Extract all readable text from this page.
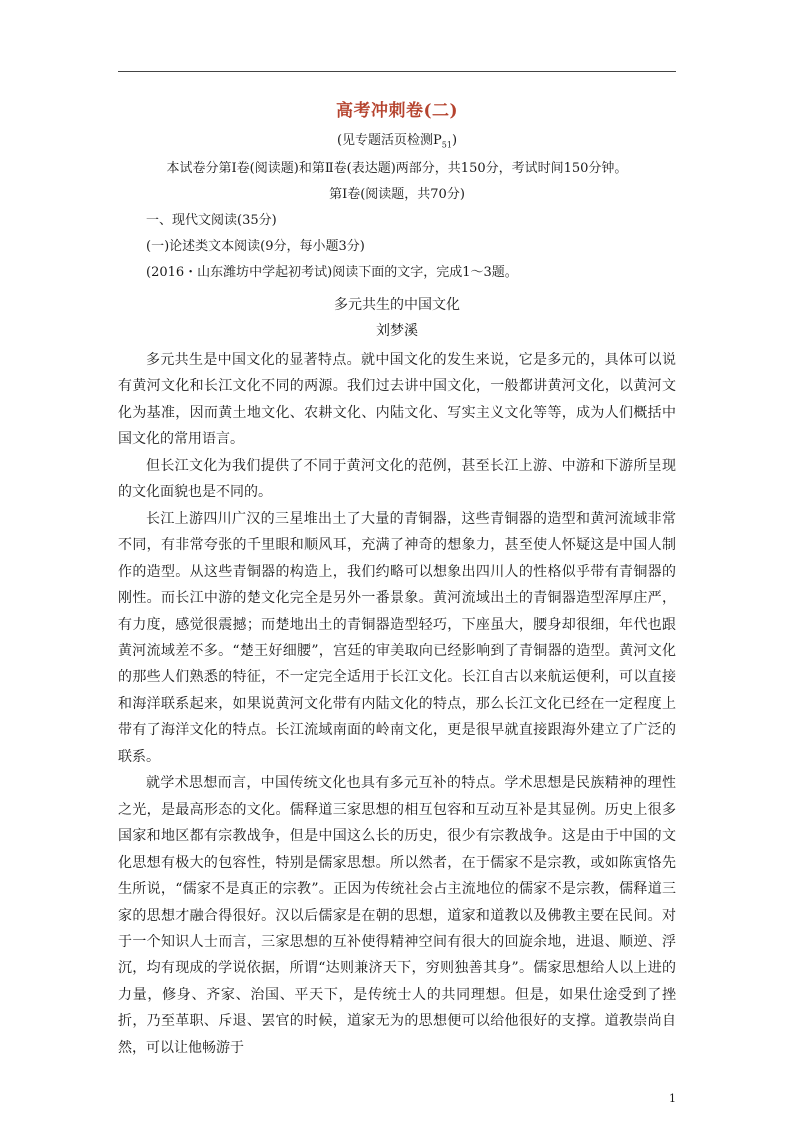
高考冲刺卷(二)
(见专题活页检测$P_{51}$)
本试卷分第Ⅰ卷(阅读题)和第Ⅱ卷(表达题)两部分，共150分，考试时间150分钟。
第Ⅰ卷(阅读题，共70分)
一、现代文阅读(35分)
(一)论述类文本阅读(9分，每小题3分)
(2016・山东潍坊中学起初考试)阅读下面的文字，完成1～3题。
多元共生的中国文化
刘梦溪

多元共生是中国文化的显著特点。就中国文化的发生来说，它是多元的，具体可以说有黄河文化和长江文化不同的两源。我们过去讲中国文化，一般都讲黄河文化，以黄河文化为基准，因而黄土地文化、农耕文化、内陆文化、写实主义文化等等，成为人们概括中国文化的常用语言。

但长江文化为我们提供了不同于黄河文化的范例，甚至长江上游、中游和下游所呈现的文化面貌也是不同的。

长江上游四川广汉的三星堆出土了大量的青铜器，这些青铜器的造型和黄河流域非常不同，有非常夸张的千里眼和顺风耳，充满了神奇的想象力，甚至使人怀疑这是中国人制作的造型。从这些青铜器的构造上，我们约略可以想象出四川人的性格似乎带有青铜器的刚性。而长江中游的楚文化完全是另外一番景象。黄河流域出土的青铜器造型浑厚庄严，有力度，感觉很震撼；而楚地出土的青铜器造型轻巧，下座虽大，腰身却很细，年代也跟黄河流域差不多。“楚王好细腰”，宫廷的审美取向已经影响到了青铜器的造型。黄河文化的那些人们熟悉的特征，不一定完全适用于长江文化。长江自古以来航运便利，可以直接和海洋联系起来，如果说黄河文化带有内陆文化的特点，那么长江文化已经在一定程度上带有了海洋文化的特点。长江流域南面的岭南文化，更是很早就直接跟海外建立了广泛的联系。

就学术思想而言，中国传统文化也具有多元互补的特点。学术思想是民族精神的理性之光，是最高形态的文化。儒释道三家思想的相互包容和互动互补是其显例。历史上很多国家和地区都有宗教战争，但是中国这么长的历史，很少有宗教战争。这是由于中国的文化思想有极大的包容性，特别是儒家思想。所以然者，在于儒家不是宗教，或如陈寅恪先生所说，“儒家不是真正的宗教”。正因为传统社会占主流地位的儒家不是宗教，儒释道三家的思想才融合得很好。汉以后儒家是在朝的思想，道家和道教以及佛教主要在民间。对于一个知识人士而言，三家思想的互补使得精神空间有很大的回旋余地，进退、顺逆、浮沉，均有现成的学说依据，所谓“达则兼济天下，穷则独善其身”。儒家思想给人以上进的力量，修身、齐家、治国、平天下，是传统士人的共同理想。但是，如果仕途受到了挫折，乃至革职、斥退、罢官的时候，道家无为的思想便可以给他很好的支撑。道教崇尚自然，可以让他畅游于

1
